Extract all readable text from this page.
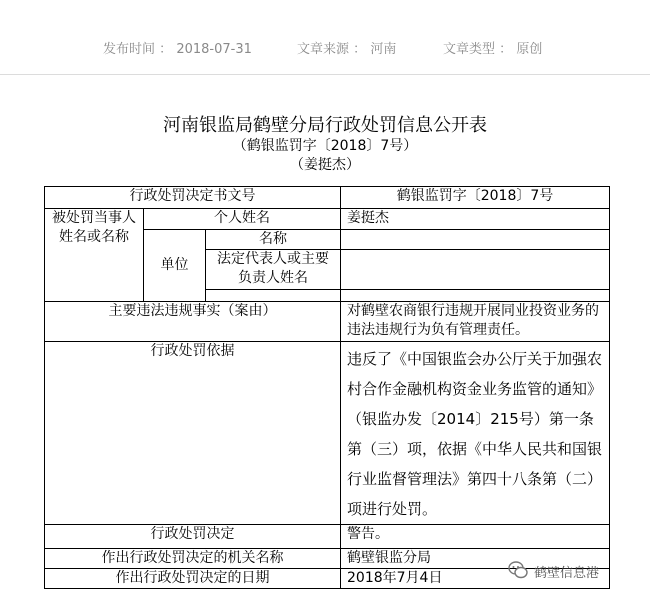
发布时间 ： 2018-07-31	文章来源 ： 河南	文章类型 ： 原创
河南银监局鹤壁分局行政处罚信息公开表
（鹤银监罚字〔2018〕7号）
（姜挺杰）
行政处罚决定书文号			鹤银监罚字〔2018〕7号
被处罚当事人姓名或名称	个人姓名		姜挺杰
	单位	名称	
		法定代表人或主要负责人姓名	

主要违法违规事实（案由）			对鹤壁农商银行违规开展同业投资业务的违法违规行为负有管理责任。
行政处罚依据			违反了《中国银监会办公厅关于加强农村合作金融机构资金业务监管的通知》（银监办发〔2014〕215号）第一条第（三）项，依据《中华人民共和国银行业监督管理法》第四十八条第（二）项进行处罚。
行政处罚决定			警告。
作出行政处罚决定的机关名称			鹤壁银监分局
作出行政处罚决定的日期			2018年7月4日	鹤壁信息港
